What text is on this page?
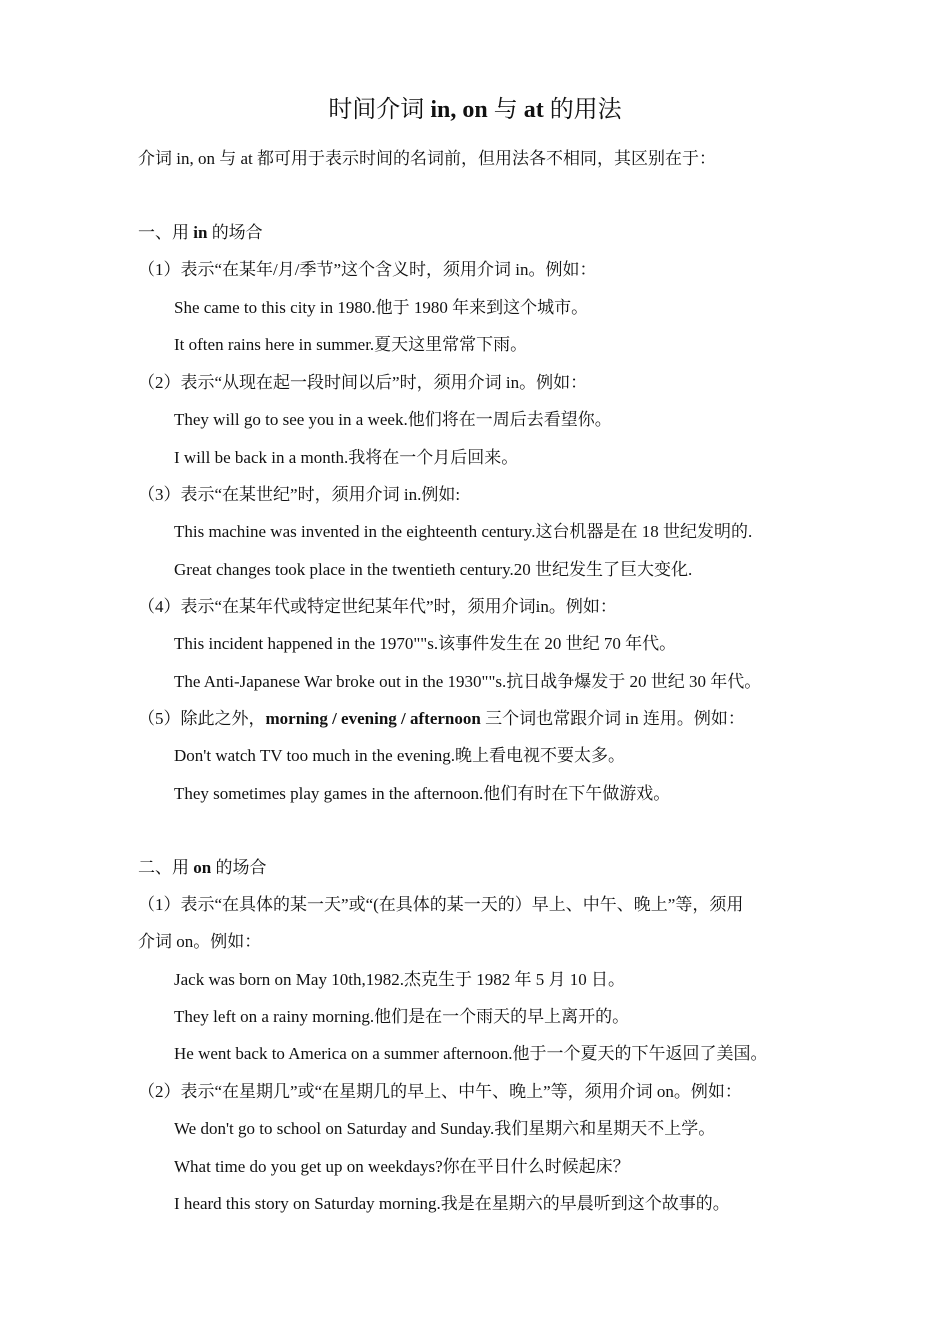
时间介词 in, on 与 at 的用法
介词 in, on 与 at 都可用于表示时间的名词前，但用法各不相同，其区别在于：
一、用 in 的场合
（1）表示“在某年/月/季节”这个含义时，须用介词 in。例如：
She came to this city in 1980.他于 1980 年来到这个城市。
It often rains here in summer.夏天这里常常下雨。
（2）表示“从现在起一段时间以后”时，须用介词 in。例如：
They will go to see you in a week.他们将在一周后去看望你。
I will be back in a month.我将在一个月后回来。
（3）表示“在某世纪”时，须用介词 in.例如:
This machine was invented in the eighteenth century.这台机器是在 18 世纪发明的.
Great changes took place in the twentieth century.20 世纪发生了巨大变化.
（4）表示“在某年代或特定世纪某年代”时，须用介词in。例如：
This incident happened in the 1970""s.该事件发生在 20 世纪 70 年代。
The Anti-Japanese War broke out in the 1930""s.抗日战争爆发于 20 世纪 30 年代。
（5）除此之外，morning / evening / afternoon 三个词也常跟介词 in 连用。例如：
Don't watch TV too much in the evening.晚上看电视不要太多。
They sometimes play games in the afternoon.他们有时在下午做游戏。
二、用 on 的场合
（1）表示“在具体的某一天”或“(在具体的某一天的）早上、中午、晚上”等，须用
介词 on。例如：
Jack was born on May 10th,1982.杰克生于 1982 年 5 月 10 日。
They left on a rainy morning.他们是在一个雨天的早上离开的。
He went back to America on a summer afternoon.他于一个夏天的下午返回了美国。
（2）表示“在星期几”或“在星期几的早上、中午、晚上”等，须用介词 on。例如：
We don't go to school on Saturday and Sunday.我们星期六和星期天不上学。
What time do you get up on weekdays?你在平日什么时候起床？
I heard this story on Saturday morning.我是在星期六的早晨听到这个故事的。
